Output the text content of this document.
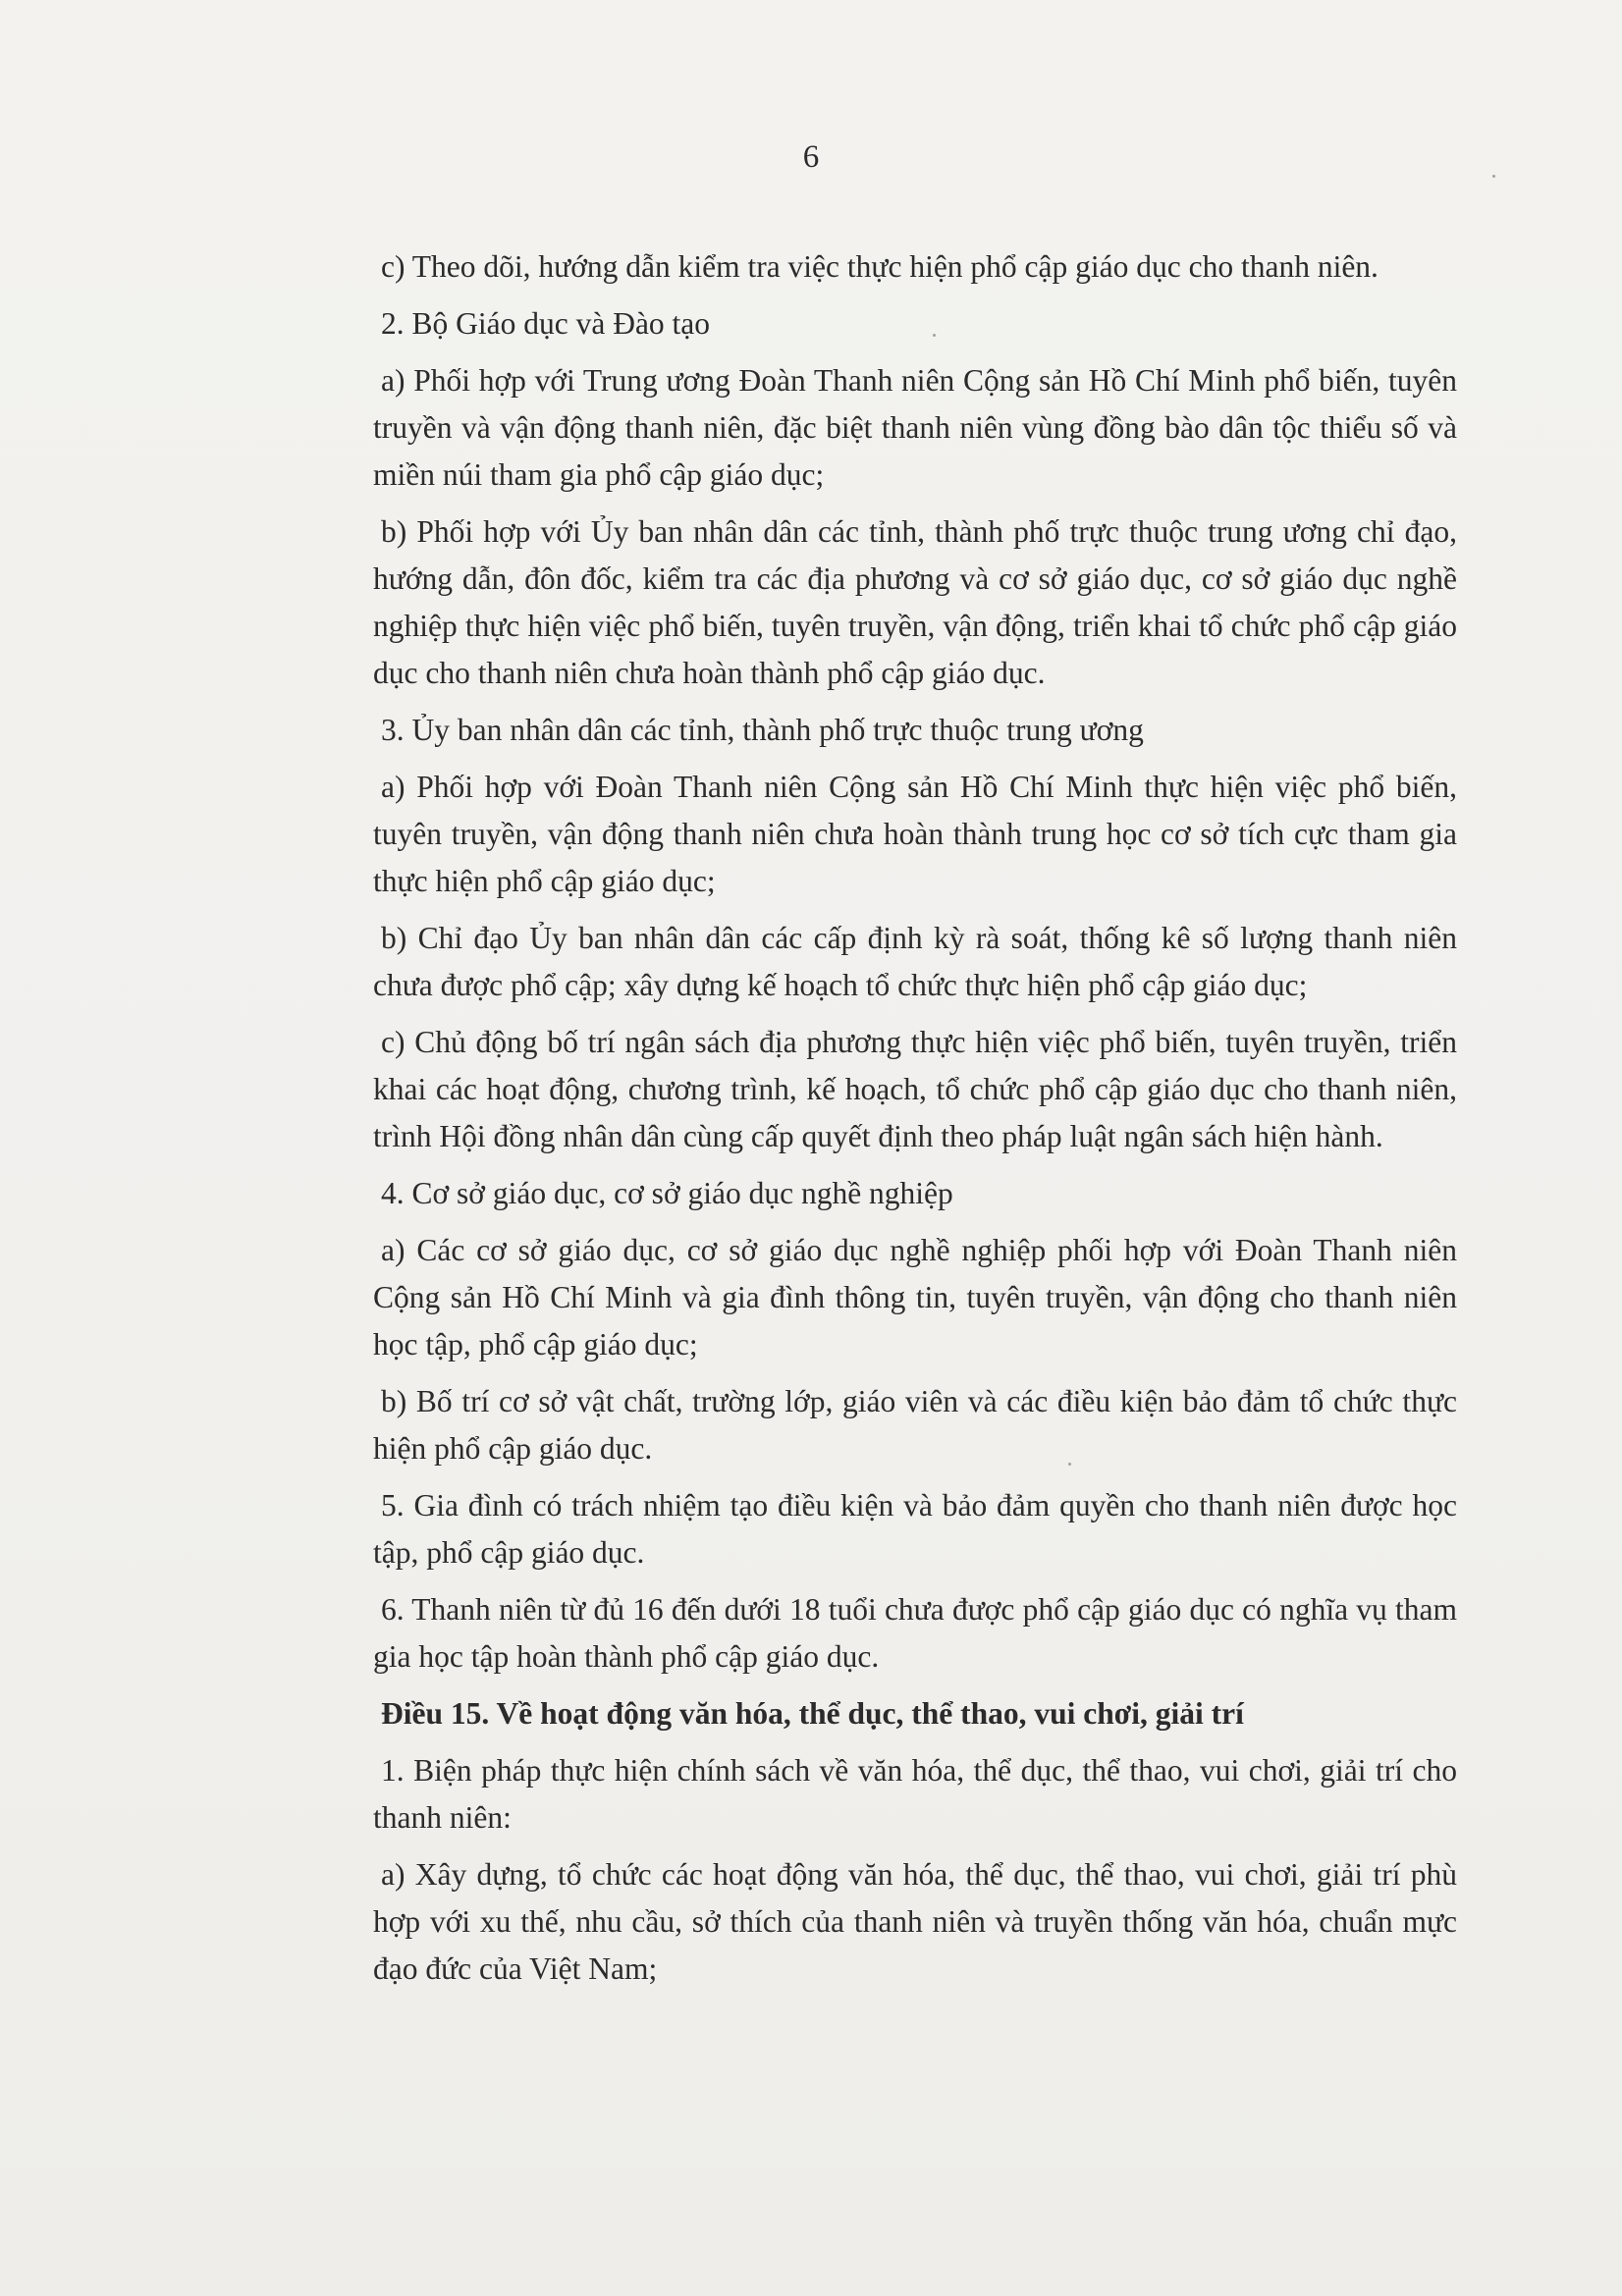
6

c) Theo dõi, hướng dẫn kiểm tra việc thực hiện phổ cập giáo dục cho thanh niên.

2. Bộ Giáo dục và Đào tạo

a) Phối hợp với Trung ương Đoàn Thanh niên Cộng sản Hồ Chí Minh phổ biến, tuyên truyền và vận động thanh niên, đặc biệt thanh niên vùng đồng bào dân tộc thiểu số và miền núi tham gia phổ cập giáo dục;

b) Phối hợp với Ủy ban nhân dân các tỉnh, thành phố trực thuộc trung ương chỉ đạo, hướng dẫn, đôn đốc, kiểm tra các địa phương và cơ sở giáo dục, cơ sở giáo dục nghề nghiệp thực hiện việc phổ biến, tuyên truyền, vận động, triển khai tổ chức phổ cập giáo dục cho thanh niên chưa hoàn thành phổ cập giáo dục.

3. Ủy ban nhân dân các tỉnh, thành phố trực thuộc trung ương

a) Phối hợp với Đoàn Thanh niên Cộng sản Hồ Chí Minh thực hiện việc phổ biến, tuyên truyền, vận động thanh niên chưa hoàn thành trung học cơ sở tích cực tham gia thực hiện phổ cập giáo dục;

b) Chỉ đạo Ủy ban nhân dân các cấp định kỳ rà soát, thống kê số lượng thanh niên chưa được phổ cập; xây dựng kế hoạch tổ chức thực hiện phổ cập giáo dục;

c) Chủ động bố trí ngân sách địa phương thực hiện việc phổ biến, tuyên truyền, triển khai các hoạt động, chương trình, kế hoạch, tổ chức phổ cập giáo dục cho thanh niên, trình Hội đồng nhân dân cùng cấp quyết định theo pháp luật ngân sách hiện hành.

4. Cơ sở giáo dục, cơ sở giáo dục nghề nghiệp

a) Các cơ sở giáo dục, cơ sở giáo dục nghề nghiệp phối hợp với Đoàn Thanh niên Cộng sản Hồ Chí Minh và gia đình thông tin, tuyên truyền, vận động cho thanh niên học tập, phổ cập giáo dục;

b) Bố trí cơ sở vật chất, trường lớp, giáo viên và các điều kiện bảo đảm tổ chức thực hiện phổ cập giáo dục.

5. Gia đình có trách nhiệm tạo điều kiện và bảo đảm quyền cho thanh niên được học tập, phổ cập giáo dục.

6. Thanh niên từ đủ 16 đến dưới 18 tuổi chưa được phổ cập giáo dục có nghĩa vụ tham gia học tập hoàn thành phổ cập giáo dục.

Điều 15. Về hoạt động văn hóa, thể dục, thể thao, vui chơi, giải trí

1. Biện pháp thực hiện chính sách về văn hóa, thể dục, thể thao, vui chơi, giải trí cho thanh niên:

a) Xây dựng, tổ chức các hoạt động văn hóa, thể dục, thể thao, vui chơi, giải trí phù hợp với xu thế, nhu cầu, sở thích của thanh niên và truyền thống văn hóa, chuẩn mực đạo đức của Việt Nam;
